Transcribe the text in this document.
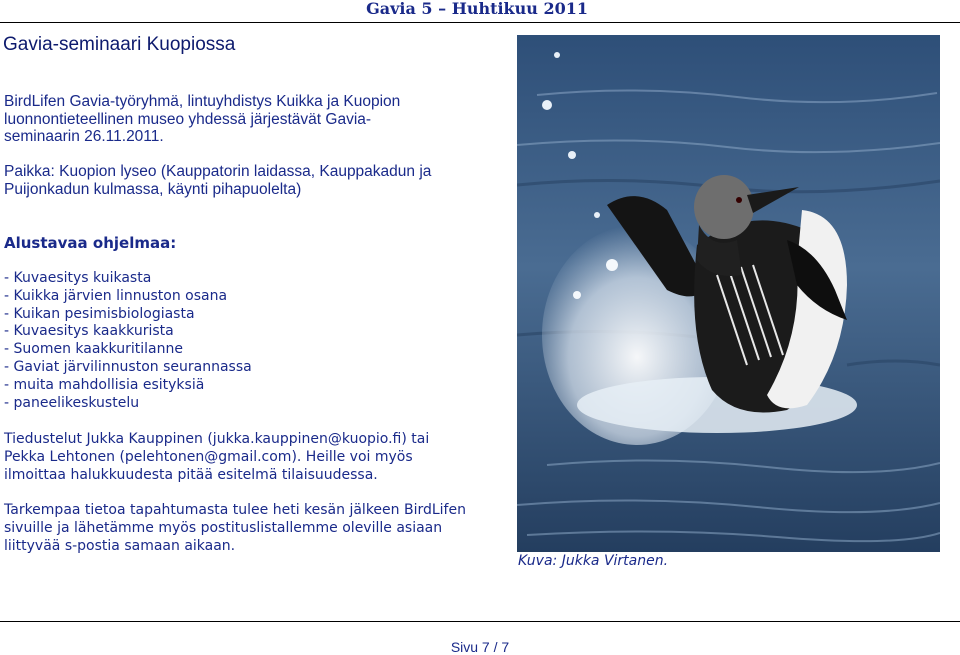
Gavia 5 – Huhtikuu 2011
Gavia-seminaari Kuopiossa

BirdLifen Gavia-työryhmä, lintuyhdistys Kuikka ja Kuopion luonnontieteellinen museo yhdessä järjestävät Gavia-seminaarin 26.11.2011.

Paikka: Kuopion lyseo (Kauppatorin laidassa, Kauppakadun ja Puijonkadun kulmassa, käynti pihapuolelta)

Alustavaa ohjelmaa:

- Kuvaesitys kuikasta
- Kuikka järvien linnuston osana
- Kuikan pesimisbiologiasta
- Kuvaesitys kaakkurista
- Suomen kaakkuritilanne
- Gaviat järvilinnuston seurannassa
- muita mahdollisia esityksiä
- paneelikeskustelu

Tiedustelut Jukka Kauppinen (jukka.kauppinen@kuopio.fi) tai Pekka Lehtonen (pelehtonen@gmail.com). Heille voi myös ilmoittaa halukkuudesta pitää esitelmä tilaisuudessa.

Tarkempaa tietoa tapahtumasta tulee heti kesän jälkeen BirdLifen sivuille ja lähetämme myös postituslistallemme oleville asiaan liittyvää s-postia samaan aikaan.

Kuva: Jukka Virtanen.
Sivu 7 / 7
